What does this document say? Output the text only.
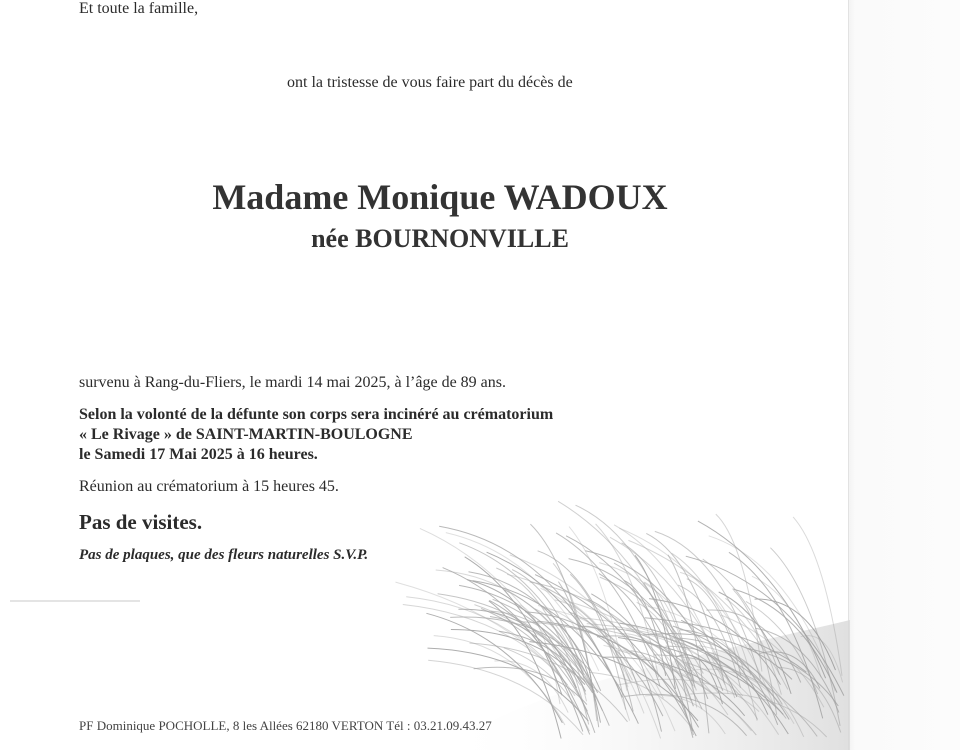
Et toute la famille,
ont la tristesse de vous faire part du décès de
Madame Monique WADOUX
née BOURNONVILLE
survenu à Rang-du-Fliers, le mardi 14 mai 2025, à l’âge de 89 ans.
Selon la volonté de la défunte son corps sera incinéré au crématorium
« Le Rivage » de SAINT-MARTIN-BOULOGNE
le Samedi 17 Mai 2025 à 16 heures.
Réunion au crématorium à 15 heures 45.
Pas de visites.
Pas de plaques, que des fleurs naturelles S.V.P.
PF Dominique POCHOLLE, 8 les Allées 62180 VERTON Tél : 03.21.09.43.27
